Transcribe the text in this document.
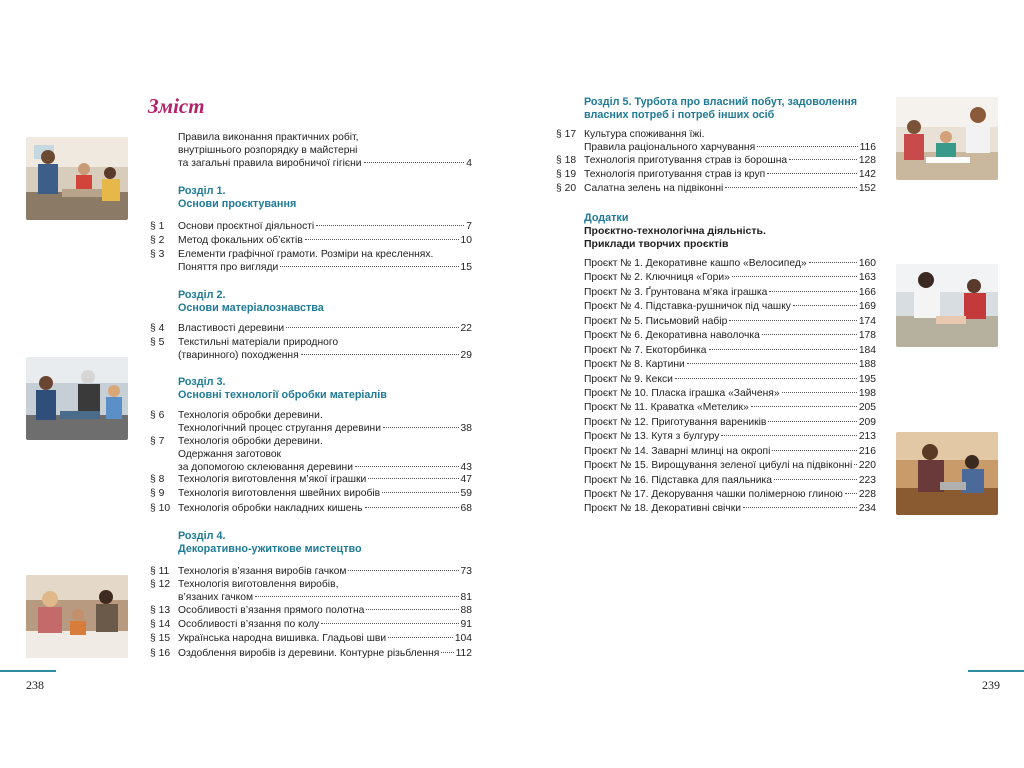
Зміст
Правила виконання практичних робіт,
внутрішнього розпорядку в майстерні
та загальні правила виробничої гігієни	4
Розділ 1.
Основи проєктування
§ 1	Основи проєктної діяльності	7
§ 2	Метод фокальних об’єктів	10
§ 3	Елементи графічної грамоти. Розміри на кресленнях.
Поняття про вигляди	15
Розділ 2.
Основи матеріалознавства
§ 4	Властивості деревини	22
§ 5	Текстильні матеріали природного
(тваринного) походження	29
Розділ 3.
Основні технології обробки матеріалів
§ 6	Технологія обробки деревини.
Технологічний процес стругання деревини	38
§ 7	Технологія обробки деревини.
Одержання заготовок
за допомогою склеювання деревини	43
§ 8	Технологія виготовлення м’якої іграшки	47
§ 9	Технологія виготовлення швейних виробів	59
§ 10 Технологія обробки накладних кишень	68
Розділ 4.
Декоративно-ужиткове мистецтво
§ 11 Технологія в’язання виробів гачком	73
§ 12 Технологія виготовлення виробів,
в’язаних гачком	81
§ 13 Особливості в’язання прямого полотна	88
§ 14 Особливості в’язання по колу	91
§ 15 Українська народна вишивка. Гладьові шви	104
§ 16 Оздоблення виробів із деревини. Контурне різьблення 112
Розділ 5. Турбота про власний побут, задоволення
власних потреб і потреб інших осіб
§ 17 Культура споживання їжі.
Правила раціонального харчування	116
§ 18 Технологія приготування страв із борошна	128
§ 19 Технологія приготування страв із круп	142
§ 20 Салатна зелень на підвіконні	152
Додатки
Проєктно-технологічна діяльність.
Приклади творчих проєктів
Проєкт № 1. Декоративне кашпо «Велосипед»	160
Проєкт № 2. Ключниця «Гори»	163
Проєкт № 3. Ґрунтована м’яка іграшка	166
Проєкт № 4. Підставка-рушничок під чашку	169
Проєкт № 5. Письмовий набір	174
Проєкт № 6. Декоративна наволочка	178
Проєкт № 7. Екоторбинка	184
Проєкт № 8. Картини	188
Проєкт № 9. Кекси	195
Проєкт № 10. Пласка іграшка «Зайченя»	198
Проєкт № 11. Краватка «Метелик»	205
Проєкт № 12. Приготування вареників	209
Проєкт № 13. Кутя з булгуру	213
Проєкт № 14. Заварні млинці на окропі	216
Проєкт № 15. Вирощування зеленої цибулі на підвіконні 220
Проєкт № 16. Підставка для паяльника	223
Проєкт № 17. Декорування чашки полімерною глиною 228
Проєкт № 18. Декоративні свічки	234
238	239
